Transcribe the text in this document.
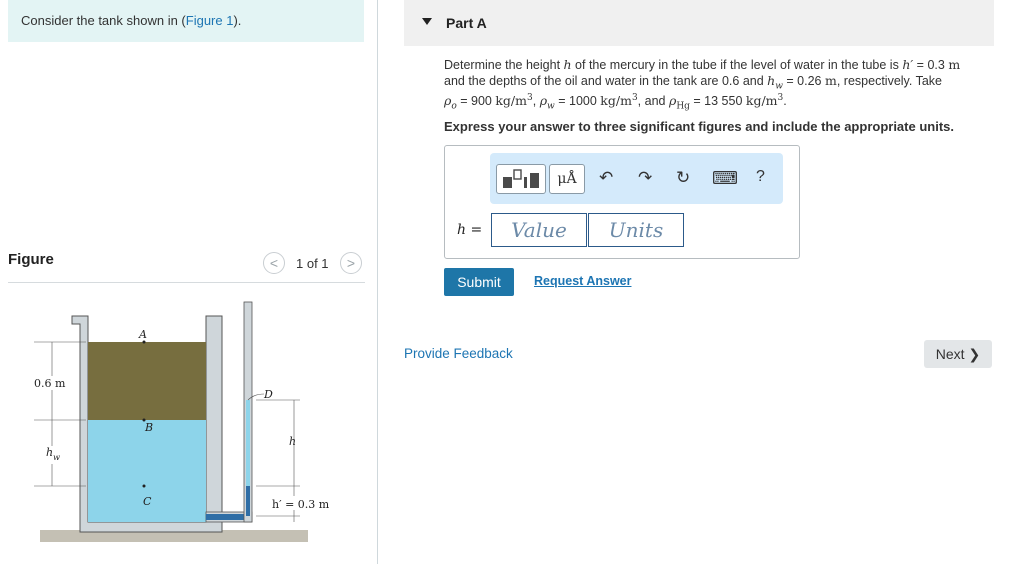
Consider the tank shown in (Figure 1).
Figure	<	1 of 1	>
A
B
C
D
0.6 m
$h_w$
h
h′ = 0.3 m
Part A
Determine the height h of the mercury in the tube if the level of water in the tube is h′ = 0.3 m
and the depths of the oil and water in the tank are 0.6 and $h_w = 0.26$ m, respectively. Take
$\rho_o = 900$ $kg/m^3$, $\rho_w = 1000$ $kg/m^3$, and $\rho_{Hg} = 13$ 550 $kg/m^3$.
Express your answer to three significant figures and include the appropriate units.
μÅ	↶ ↷ ↻ ⌨ ?
h =	Value	Units
Submit	Request Answer
Provide Feedback	Next ❯
